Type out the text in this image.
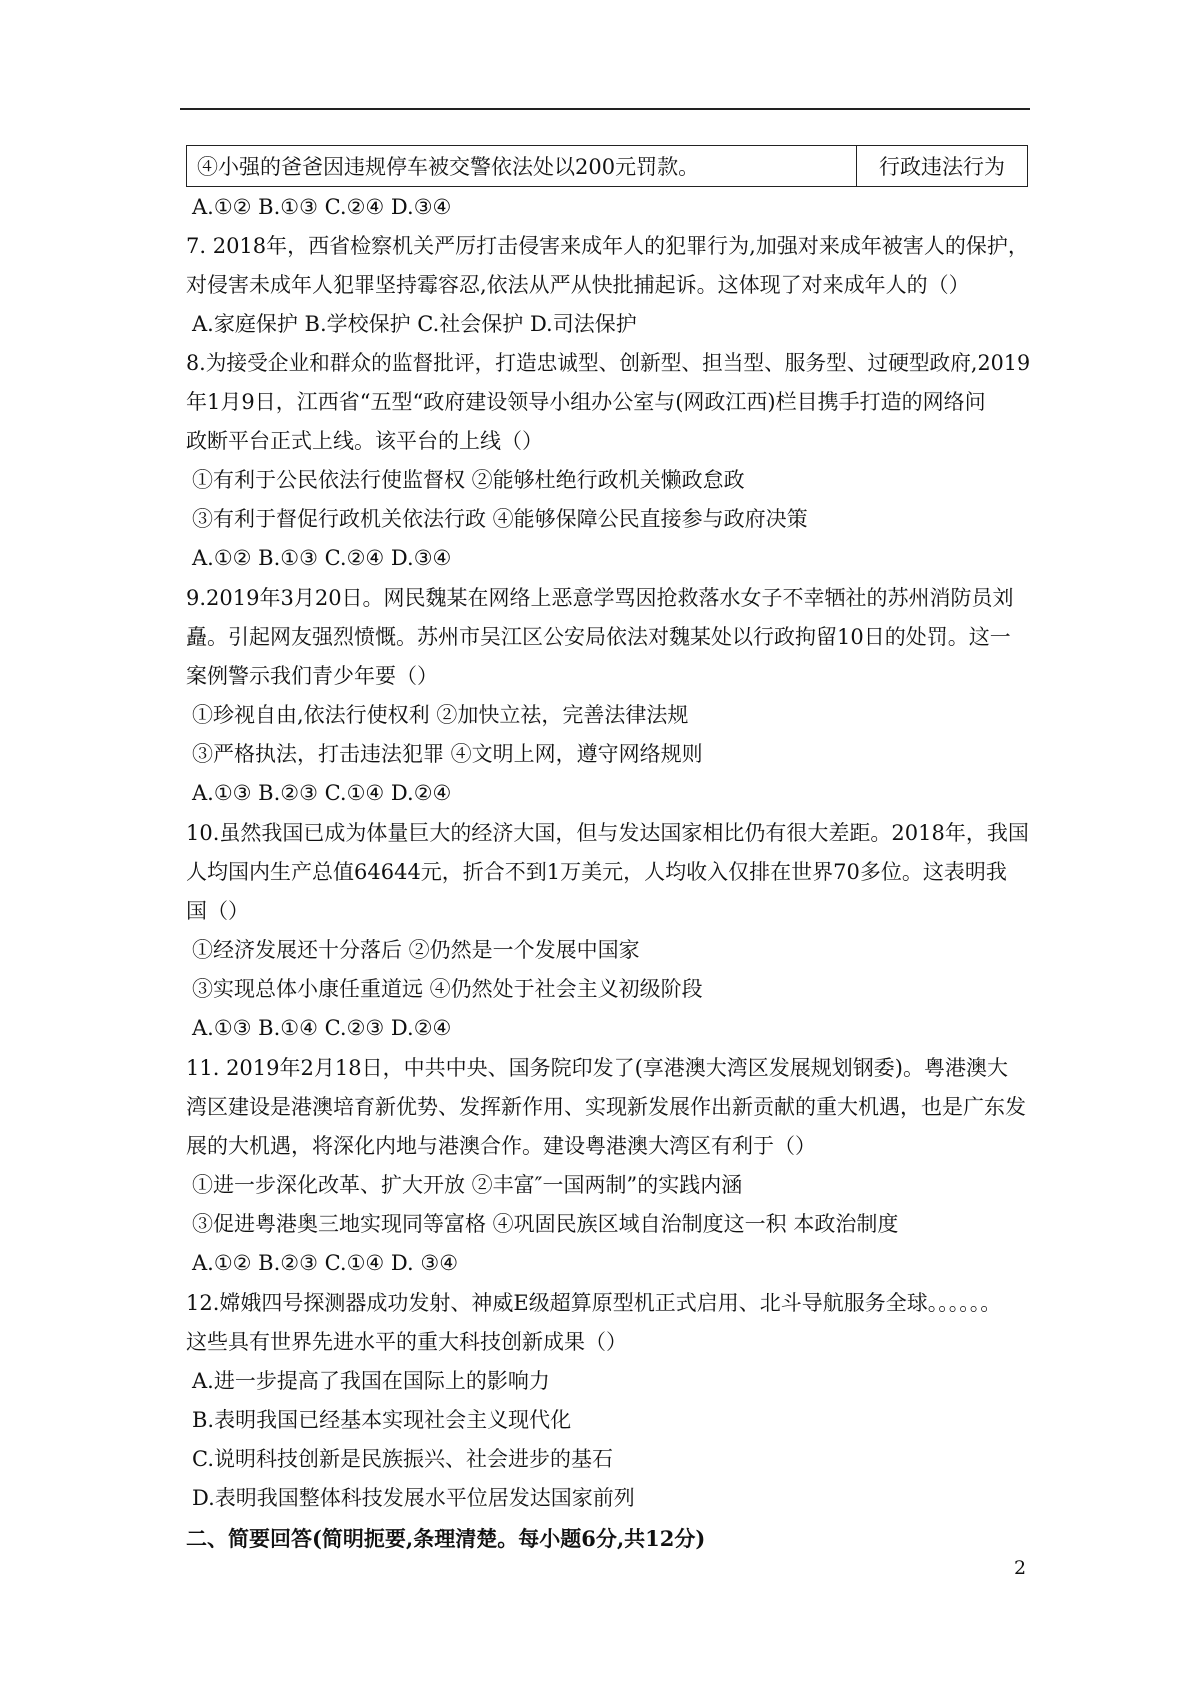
④小强的爸爸因违规停车被交警依法处以200元罚款。	行政违法行为
A.①② B.①③ C.②④ D.③④
7. 2018年，西省检察机关严厉打击侵害来成年人的犯罪行为,加强对来成年被害人的保护，
对侵害未成年人犯罪坚持霉容忍,依法从严从快批捕起诉。这体现了对来成年人的（）
A.家庭保护 B.学校保护 C.社会保护 D.司法保护
8.为接受企业和群众的监督批评，打造忠诚型、创新型、担当型、服务型、过硬型政府,2019
年1月9日，江西省“五型“政府建设领导小组办公室与(网政江西)栏目携手打造的网络问
政断平台正式上线。该平台的上线（）
①有利于公民依法行使监督权 ②能够杜绝行政机关懒政怠政
③有利于督促行政机关依法行政 ④能够保障公民直接参与政府决策
A.①② B.①③ C.②④ D.③④
9.2019年3月20日。网民魏某在网络上恶意学骂因抢救落水女子不幸牺社的苏州消防员刘
矗。引起网友强烈愤慨。苏州市吴江区公安局依法对魏某处以行政拘留10日的处罚。这一
案例警示我们青少年要（）
①珍视自由,依法行使权利 ②加快立祛，完善法律法规
③严格执法，打击违法犯罪 ④文明上网，遵守网络规则
A.①③ B.②③ C.①④ D.②④
10.虽然我国已成为体量巨大的经济大国，但与发达国家相比仍有很大差距。2018年，我国
人均国内生产总值64644元，折合不到1万美元，人均收入仅排在世界70多位。这表明我
国（）
①经济发展还十分落后 ②仍然是一个发展中国家
③实现总体小康任重道远 ④仍然处于社会主义初级阶段
A.①③ B.①④ C.②③ D.②④
11. 2019年2月18日，中共中央、国务院印发了(享港澳大湾区发展规划钢委)。粤港澳大
湾区建设是港澳培育新优势、发挥新作用、实现新发展作出新贡献的重大机遇，也是广东发
展的大机遇，将深化内地与港澳合作。建设粤港澳大湾区有利于（）
①进一步深化改革、扩大开放 ②丰富″一国两制”的实践内涵
③促进粤港奥三地实现同等富格 ④巩固民族区域自治制度这一积 本政治制度
A.①② B.②③ C.①④ D. ③④
12.嫦娥四号探测器成功发射、神威E级超算原型机正式启用、北斗导航服务全球。。。。。。
这些具有世界先进水平的重大科技创新成果（）
A.进一步提高了我国在国际上的影响力
B.表明我国已经基本实现社会主义现代化
C.说明科技创新是民族振兴、社会进步的基石
D.表明我国整体科技发展水平位居发达国家前列
二、简要回答(简明扼要,条理清楚。每小题6分,共12分)
2
